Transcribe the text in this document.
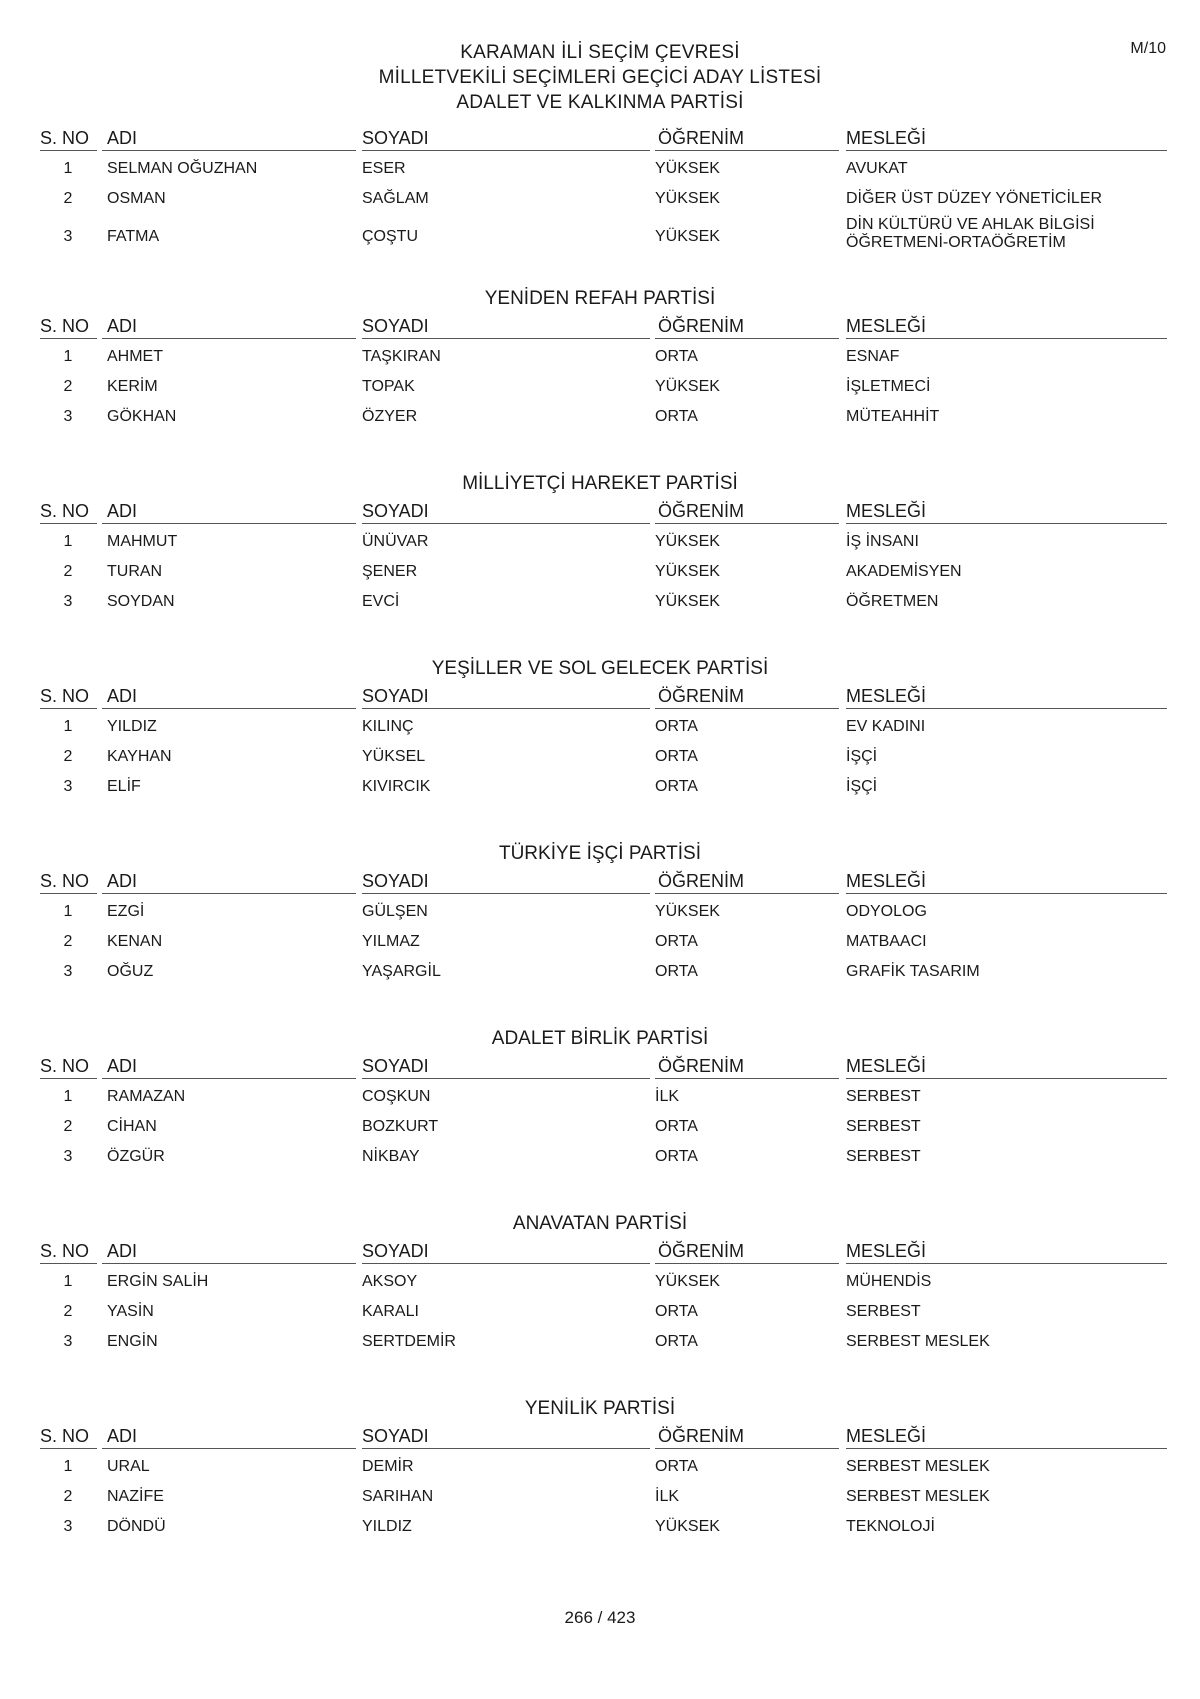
KARAMAN İLİ SEÇİM ÇEVRESİ
MİLLETVEKİLİ SEÇİMLERİ GEÇİCİ ADAY LİSTESİ
ADALET VE KALKINMA PARTİSİ
M/10
S. NO ADI	SOYADI	ÖĞRENİM	MESLEĞİ
1	SELMAN OĞUZHAN	ESER	YÜKSEK	AVUKAT
2	OSMAN	SAĞLAM	YÜKSEK	DİĞER ÜST DÜZEY YÖNETİCİLER
3	FATMA	ÇOŞTU	YÜKSEK
DİN KÜLTÜRÜ VE AHLAK BİLGİSİ ÖĞRETMENİ-ORTAÖĞRETİM
YENİDEN REFAH PARTİSİ
S. NO ADI	SOYADI	ÖĞRENİM	MESLEĞİ
1	AHMET	TAŞKIRAN	ORTA	ESNAF
2	KERİM	TOPAK	YÜKSEK	İŞLETMECİ
3	GÖKHAN	ÖZYER	ORTA	MÜTEAHHİT
MİLLİYETÇİ HAREKET PARTİSİ
S. NO ADI	SOYADI	ÖĞRENİM	MESLEĞİ
1	MAHMUT	ÜNÜVAR	YÜKSEK	İŞ İNSANI
2	TURAN	ŞENER	YÜKSEK	AKADEMİSYEN
3	SOYDAN	EVCİ	YÜKSEK	ÖĞRETMEN
YEŞİLLER VE SOL GELECEK PARTİSİ
S. NO ADI	SOYADI	ÖĞRENİM	MESLEĞİ
1	YILDIZ	KILINÇ	ORTA	EV KADINI
2	KAYHAN	YÜKSEL	ORTA	İŞÇİ
3	ELİF	KIVIRCIK	ORTA	İŞÇİ
TÜRKİYE İŞÇİ PARTİSİ
S. NO ADI	SOYADI	ÖĞRENİM	MESLEĞİ
1	EZGİ	GÜLŞEN	YÜKSEK	ODYOLOG
2	KENAN	YILMAZ	ORTA	MATBAACI
3	OĞUZ	YAŞARGİL	ORTA	GRAFİK TASARIM
ADALET BİRLİK PARTİSİ
S. NO ADI	SOYADI	ÖĞRENİM	MESLEĞİ
1	RAMAZAN	COŞKUN	İLK	SERBEST
2	CİHAN	BOZKURT	ORTA	SERBEST
3	ÖZGÜR	NİKBAY	ORTA	SERBEST
ANAVATAN PARTİSİ
S. NO ADI	SOYADI	ÖĞRENİM	MESLEĞİ
1	ERGİN SALİH	AKSOY	YÜKSEK	MÜHENDİS
2	YASİN	KARALI	ORTA	SERBEST
3	ENGİN	SERTDEMİR	ORTA	SERBEST MESLEK
YENİLİK PARTİSİ
S. NO ADI	SOYADI	ÖĞRENİM	MESLEĞİ
1	URAL	DEMİR	ORTA	SERBEST MESLEK
2	NAZİFE	SARIHAN	İLK	SERBEST MESLEK
3	DÖNDÜ	YILDIZ	YÜKSEK	TEKNOLOJİ
266 / 423
